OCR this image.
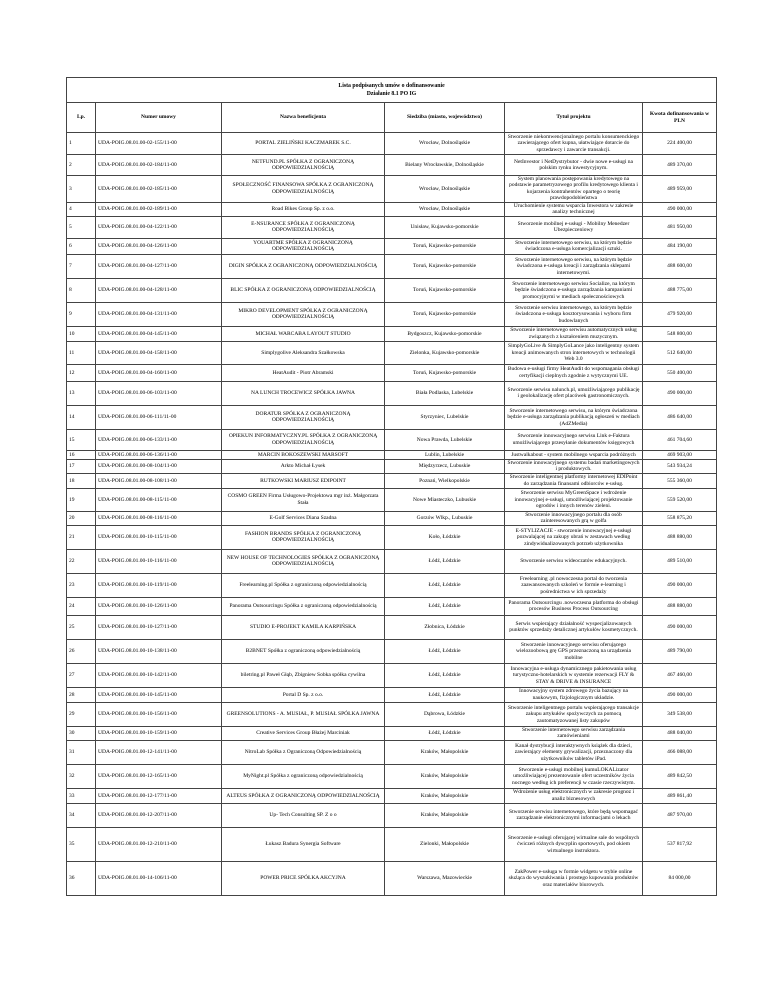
Lista podpisanych umów o dofinansowanie
Działanie 8.1 PO IG					

Lp.	Numer umowy	Nazwa beneficjenta	Siedziba (miasto, województwo)	Tytuł projektu	Kwota dofinansowania w PLN
1	UDA-POIG.08.01.00-02-155/11-00	PORTAL ZIELIŃSKI KACZMAREK S.C.	Wrocław, Dolnośląskie	Stworzenie niekomwencjonalnego portalu konsumenckiego zawierającego ofert kupna, ułatwiające dotarcie do sprzedawcy i zawarcie transakcji.	224 400,00
2	UDA-POIG.08.01.00-02-184/11-00	NETFUND.PL SPÓŁKA Z OGRANICZONĄ ODPOWIEDZIALNOŚCIĄ	Bielany Wrocławskie, Dolnośląskie	NetInvestor i NetDystrybutor - dwie nowe e-usługi na polskim rynku inwestycyjnym.	489 370,00
3	UDA-POIG.08.01.00-02-185/11-00	SPOŁECZNOŚĆ FINANSOWA SPÓŁKA Z OGRANICZONĄ ODPOWIEDZIALNOŚCIĄ	Wrocław, Dolnośląskie	System planowania postępowania kredytowego na podstawie parametryzowego profilu kredytowego klienta i kojarzenia kontrahentów opartego o teorię prawdopodobieństwa	489 959,00
4	UDA-POIG.08.01.00-02-189/11-00	Road Bikes Group Sp. z o.o.	Wrocław, Dolnośląskie	Uruchomienie systemu wsparcia Inwestora w zakresie analizy technicznej	490 000,00
5	UDA-POIG.08.01.00-04-122/11-00	E-NSURANCE SPÓŁKA Z OGRANICZONĄ ODPOWIEDZIALNOŚCIĄ	Unisław, Kujawsko-pomorskie	Stworzenie mobilnej e-usługi - Mobilny Menedzer Ubezpieczeniowy	481 950,00
6	UDA-POIG.08.01.00-04-126/11-00	YOUARTME SPÓŁKA Z OGRANICZONĄ ODPOWIEDZIALNOŚCIĄ	Toruń, Kujawsko-pomorskie	Stworzenie internetowego serwisu, na którym będzie świadczona e-usługa komercjalizacji sztuki.	484 190,00
7	UDA-POIG.08.01.00-04-127/11-00	DIGIN SPÓŁKA Z OGRANICZONĄ ODPOWIEDZIALNOŚCIĄ	Toruń, Kujawsko-pomorskie	Stworzenie internetowego serwisu, na którym będzie świadczona e-usługa kreacji i zarządzania sklepami internetowymi.	488 600,00
8	UDA-POIG.08.01.00-04-128/11-00	BLIC SPÓŁKA Z OGRANICZONĄ ODPOWIEDZIALNOŚCIĄ	Toruń, Kujawsko-pomorskie	Stworzenie internetowego serwisu Socialize, na którym będzie świadczona e-usługa zarządzania kampaniami promocyjnymi w mediach społecznościowych	488 775,00
9	UDA-POIG.08.01.00-04-131/11-00	MIKRO DEVELOPMENT SPÓŁKA Z OGRANICZONĄ ODPOWIEDZIALNOŚCIĄ	Toruń, Kujawsko-pomorskie	Stworzenie serwisu internetowego, na którym będzie świadczona e-usługa kosztorysowania i wyboru firm budowlanych	479 920,00
10	UDA-POIG.08.01.00-04-145/11-00	MICHAŁ WARCABA LAYOUT STUDIO	Bydgoszcz, Kujawsko-pomorskie	Stworzenie internetowego serwisu automatycznych usług związanych z kształceniem muzycznym.	548 800,00
11	UDA-POIG.08.01.00-04-158/11-00	Simplygolive Aleksandra Szałkowska	Zielonka, Kujawsko-pomorskie	SimplyGoLive & SimplyGoLance jako inteligentny system kreacji animowanych stron internetowych w technologii Web 3.0	512 640,00
12	UDA-POIG.08.01.00-04-160/11-00	HeatAudit - Piotr Abramski	Toruń, Kujawsko-pomorskie	Budowa e-usługi firmy HeatAudit do wspomagania obsługi certyfikacji cieplnych zgodnie z wytycznymi UE.	550 400,00
13	UDA-POIG.08.01.00-06-103/11-00	NA LUNCH TROCEWICZ SPÓŁKA JAWNA	Biała Podlaska, Lubelskie	Stworzenie serwisu nalunch.pl, umożliwiającego publikację i geolokalizację ofert placówek gastronomicznych.	490 000,00
14	UDA-POIG.08.01.00-06-111/11-00	DORATUR SPÓŁKA Z OGRANICZONĄ ODPOWIEDZIALNOŚCIĄ	Styrzyniec, Lubelskie	Stworzenie internetowego serwisu, na którym świadczona będzie e-usługa zarządzania publikacją ogłoszeń w mediach (AdZMedia)	486 640,00
15	UDA-POIG.08.01.00-06-133/11-00	OPIEKUN INFORMATYCZNY.PL SPÓŁKA Z OGRANICZONĄ ODPOWIEDZIALNOŚCIĄ	Nowa Prawda, Lubelskie	Stworzenie innowacyjnego serwisu Link e-Faktura umożliwiającego przesyłanie dokumentów księgowych	461 704,60
16	UDA-POIG.08.01.00-06-136/11-00	MARCIN BOKOSZEWSKI MARSOFT	Lublin, Lubelskie	Justwalkabout - system mobilnego wsparcia podróżnych	469 903,00
17	UDA-POIG.08.01.00-08-104/11-00	Arkto Michał Łysek	Międzyrzecz, Lubuskie	Stworzenie innowacyjnego systemu badań marketingowych i produktowych.	543 934,24
18	UDA-POIG.08.01.00-08-108/11-00	RUTKOWSKI MARIUSZ EDIPOINT	Poznań, Wielkopolskie	Stworzenie inteligentnej platformy internetowej EDIPoint do zarządzania finansami odbiorców e-usług.	555 360,00
19	UDA-POIG.08.01.00-08-115/11-00	COSMO GREEN Firma Usługowo-Projektowa mgr inż. Małgorzata Stała	Nowe Miasteczko, Lubuskie	Stworzenie serwisu MyGreenSpace i wdrożenie innowacyjnej e-usługi, umożliwiającej projektowanie ogrodów i innych terenów zieleni.	559 520,00
20	UDA-POIG.08.01.00-08-116/11-00	E-Golf Services Diana Szadna	Gorzów Wlkp., Lubuskie	Stworzenie innowacyjnego portalu dla osób zainteresowanych grą w golfa	558 875,20
21	UDA-POIG.08.01.00-10-115/11-00	FASHION BRANDS SPÓŁKA Z OGRANICZONĄ ODPOWIEDZIALNOŚCIĄ	Koło, Łódzkie	E-STYLIZACJE - stworzenie innowacyjnej e-usługi pozwalającej na zakupy ubrań w zestawach według zindywidualizowanych potrzeb użytkownika	488 880,00
22	UDA-POIG.08.01.00-10-116/11-00	NEW HOUSE OF TECHNOLOGIES SPÓŁKA Z OGRANICZONĄ ODPOWIEDZIALNOŚCIĄ	Łódź, Łódzkie	Stworzenie serwisu wideoczatów edukacyjnych.	489 510,00
23	UDA-POIG.08.01.00-10-119/11-00	Freelearning.pl Spółka z ograniczoną odpowiedzialnością	Łódź, Łódzkie	Freelearning .pl nowoczesna portal do tworzenia zaawansowanych szkoleń w formie e-learning i pośrednictwa w ich sprzedaży	490 000,00
24	UDA-POIG.08.01.00-10-126/11-00	Panorama Outsourcingu Spółka z ograniczoną odpowiedzialnością	Łódź, Łódzkie	Panorama Outsourcingu .nowoczesna platforma do obsługi procesów Business Process Outsourcing	488 880,00
25	UDA-POIG.08.01.00-10-127/11-00	STUDIO E-PROJEKT KAMILA KARPIŃSKA	Złobnica, Łódzkie	Serwis wspierający działalność wyspecjalizowanych punktów sprzedaży detalicznej artykułów kosmetycznych.	490 000,00
26	UDA-POIG.08.01.00-10-138/11-00	B2BNET Spółka z ograniczoną odpowiedzialnością	Łódź, Łódzkie	Stworzenie innowacyjnego serwisu oferującego wielozoobową grę GPS przeznaczoną na urządzenia mobilne	489 790,00
27	UDA-POIG.08.01.00-10-142/11-00	biletring.pl Paweł Głąb, Zbigniew Sobka spółka cywilna	Łódź, Łódzkie	Innowacyjna e-usługa dynamicznego pakietowania usług turystyczno-hotelarskich w systemie rezerwacji FLY & STAY & DRIVE & INSURANCE	467 460,00
28	UDA-POIG.08.01.00-10-145/11-00	Portal D Sp. z o.o.	Łódź, Łódzkie	Innowacyjny system zdrowego życia bazujący na naukowym, fizjologicznym układzie.	490 000,00
29	UDA-POIG.08.01.00-10-156/11-00	GREENSOLUTIONS - A. MUSIAŁ, P. MUSIAŁ SPÓŁKA JAWNA	Dąbrowa, Łódzkie	Stworzenie inteligentnego portalu wspierającego transakcje zakupu artykułów spożywczych za pomocą zautomatyzowanej listy zakupów	349 538,00
30	UDA-POIG.08.01.00-10-159/11-00	Creative Services Group Błażej Marciniak	Łódź, Łódzkie	Stworzenie internetowego serwisu zarządzania zamówieniami	488 040,00
31	UDA-POIG.08.01.00-12-141/11-00	NitroLab Spółka z Ograniczoną Odpowiedzialnością	Kraków, Małopolskie	Kanał dystrybucji interaktywnych książek dla dzieci, zawierający elementy grywalizacji, przeznaczony dla użytkowników tabletów iPad.	466 088,00
32	UDA-POIG.08.01.00-12-165/11-00	MyNight.pl Spółka z ograniczoną odpowiedzialnością	Kraków, Małopolskie	Stworzenie e-usługi mobilnej kumuLOKALizator umożliwiającej prezentowanie ofert uczestników życia nocnego według ich preferencji w czasie rzeczywistym.	489 842,50
33	UDA-POIG.08.01.00-12-177/11-00	ALTEUS SPÓŁKA Z OGRANICZONĄ ODPOWIEDZIALNOŚCIĄ	Kraków, Małopolskie	Wdrożenie usług elektronicznych w zakresie prognoz i analiz biznesowych	489 861,40
34	UDA-POIG.08.01.00-12-207/11-00	Up- Tech Consulting SP. Z o o	Kraków, Małopolskie	Stworzenie serwisu internetowego, które będą wspomagać zarządzanie elektronicznymi informacjami o lekach	487 970,00
35	UDA-POIG.08.01.00-12-210/11-00	Łukasz Badura Synergia Software	Zielonki, Małopolskie	Stworzenie e-usługi oferującej wirtualne sale do wspólnych ćwiczeń różnych dyscyplin sportowych, pod okiem wirtualnego instruktora.	537 817,92
36	UDA-POIG.08.01.00-14-106/11-00	POWER PRICE SPÓŁKA AKCYJNA	Warszawa, Mazowieckie	ZakPower e-usługa w formie widgetu w trybie online służąca do wyszukiwania i prostego kupowania produktów oraz materiałów biurowych.	84 000,00
